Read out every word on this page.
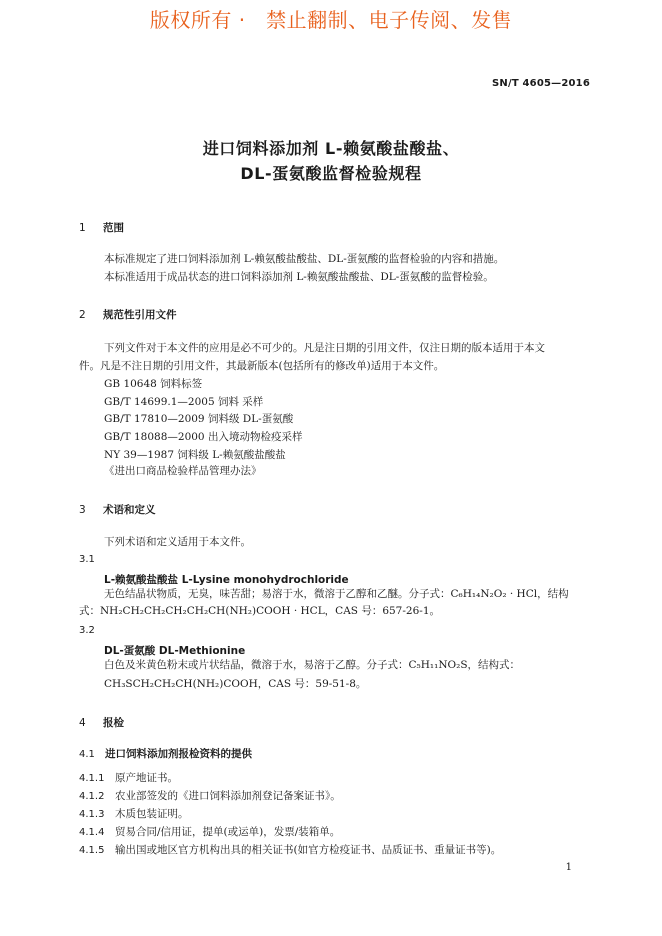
版权所有 ·   禁止翻制、电子传阅、发售
SN/T 4605—2016
进口饲料添加剂 L-赖氨酸盐酸盐、
DL-蛋氨酸监督检验规程
1 范围
本标准规定了进口饲料添加剂 L-赖氨酸盐酸盐、DL-蛋氨酸的监督检验的内容和措施。
本标准适用于成品状态的进口饲料添加剂 L-赖氨酸盐酸盐、DL-蛋氨酸的监督检验。
2 规范性引用文件
下列文件对于本文件的应用是必不可少的。凡是注日期的引用文件，仅注日期的版本适用于本文
件。凡是不注日期的引用文件，其最新版本(包括所有的修改单)适用于本文件。
GB 10648 饲料标签
GB/T 14699.1—2005 饲料 采样
GB/T 17810—2009 饲料级 DL-蛋氨酸
GB/T 18088—2000 出入境动物检疫采样
NY 39—1987 饲料级 L-赖氨酸盐酸盐
《进出口商品检验样品管理办法》
3 术语和定义
下列术语和定义适用于本文件。
3.1
L-赖氨酸盐酸盐 L-Lysine monohydrochloride
无色结晶状物质，无臭，味苦甜；易溶于水，微溶于乙醇和乙醚。分子式：C₆H₁₄N₂O₂ · HCl，结构
式：NH₂CH₂CH₂CH₂CH₂CH(NH₂)COOH · HCL，CAS 号：657-26-1。
3.2
DL-蛋氨酸 DL-Methionine
白色及米黄色粉末或片状结晶，微溶于水，易溶于乙醇。分子式：C₅H₁₁NO₂S，结构式：
CH₃SCH₂CH₂CH(NH₂)COOH，CAS 号：59-51-8。
4 报检
4.1 进口饲料添加剂报检资料的提供
4.1.1 原产地证书。
4.1.2 农业部签发的《进口饲料添加剂登记备案证书》。
4.1.3 木质包装证明。
4.1.4 贸易合同/信用证，提单(或运单)，发票/装箱单。
4.1.5 输出国或地区官方机构出具的相关证书(如官方检疫证书、品质证书、重量证书等)。
1
